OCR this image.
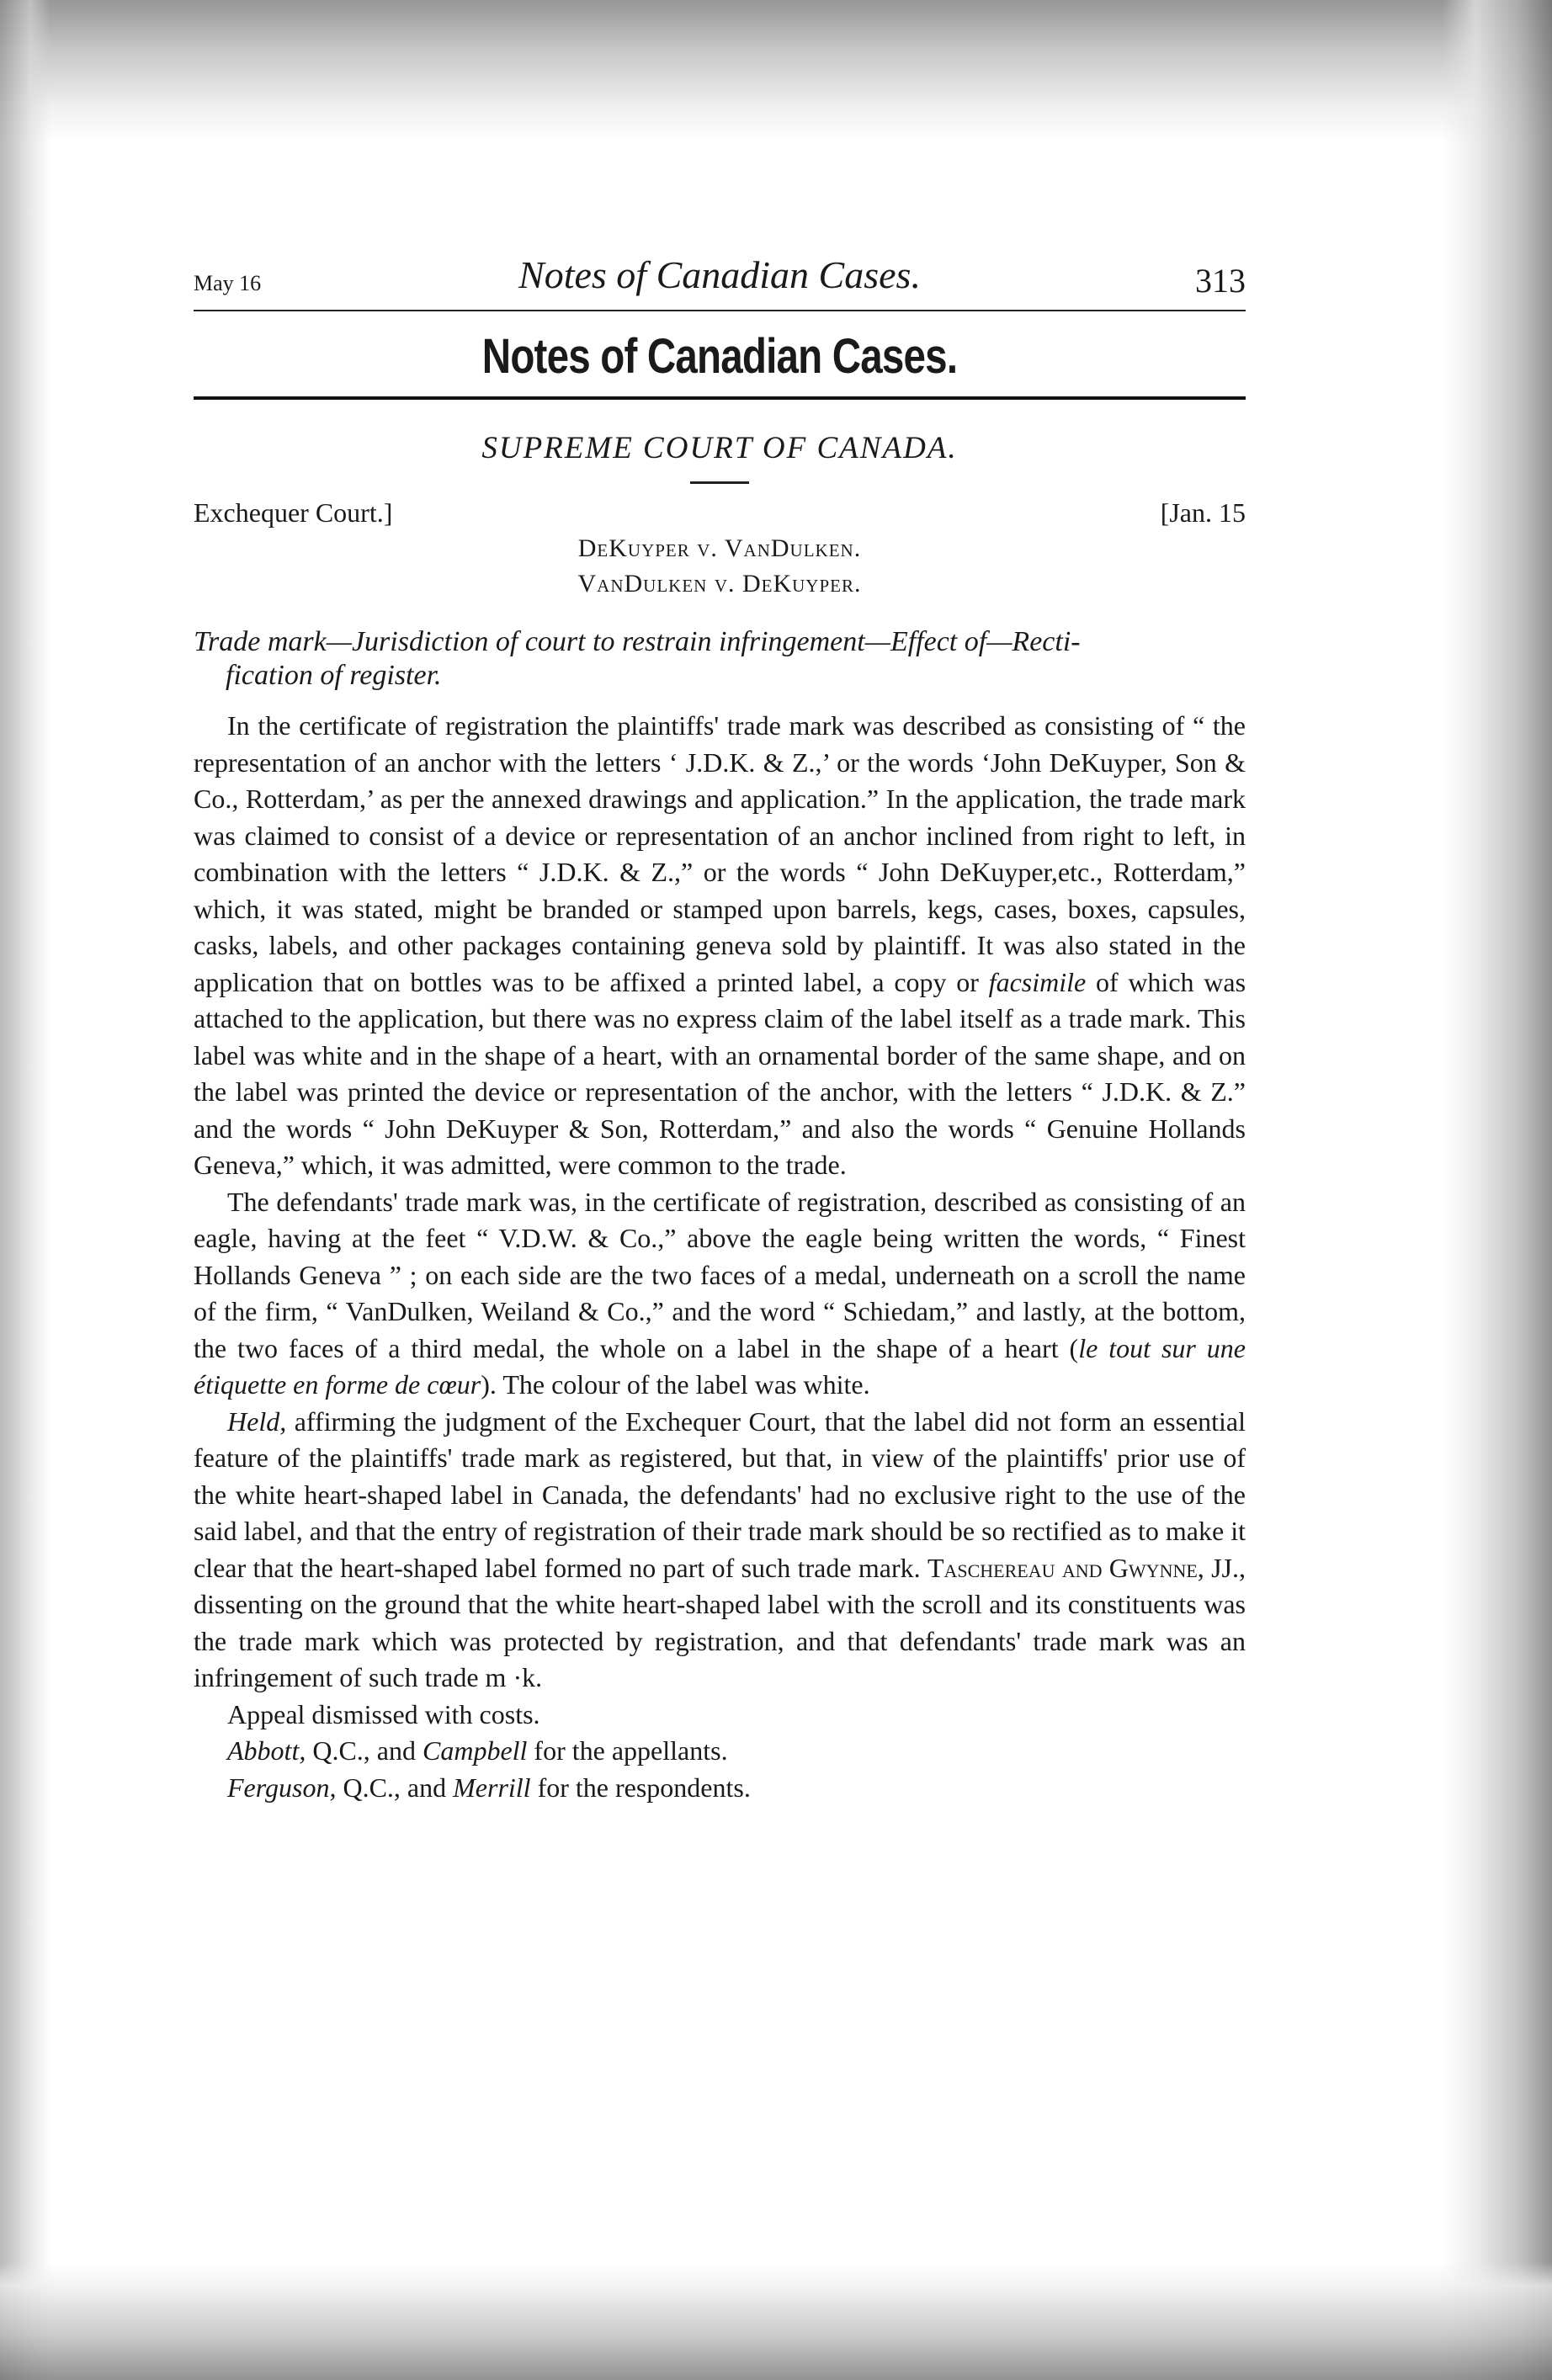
May 16	Notes of Canadian Cases.	313
Notes of Canadian Cases.
SUPREME COURT OF CANADA.
Exchequer Court.]	[Jan. 15
DeKuyper v. VanDulken.
VanDulken v. DeKuyper.
Trade mark—Jurisdiction of court to restrain infringement—Effect of—Recti-
fication of register.

In the certificate of registration the plaintiffs' trade mark was described as consisting of “ the representation of an anchor with the letters ‘ J.D.K. & Z.,’ or the words ‘John DeKuyper, Son & Co., Rotterdam,’ as per the annexed drawings and application.” In the application, the trade mark was claimed to consist of a device or representation of an anchor inclined from right to left, in combination with the letters “ J.D.K. & Z.,” or the words “ John DeKuyper,etc., Rotterdam,” which, it was stated, might be branded or stamped upon barrels, kegs, cases, boxes, capsules, casks, labels, and other packages containing geneva sold by plaintiff. It was also stated in the application that on bottles was to be affixed a printed label, a copy or facsimile of which was attached to the application, but there was no express claim of the label itself as a trade mark. This label was white and in the shape of a heart, with an ornamental border of the same shape, and on the label was printed the device or representation of the anchor, with the letters “ J.D.K. & Z.” and the words “ John DeKuyper & Son, Rotterdam,” and also the words “ Genuine Hollands Geneva,” which, it was admitted, were common to the trade.

The defendants' trade mark was, in the certificate of registration, described as consisting of an eagle, having at the feet “ V.D.W. & Co.,” above the eagle being written the words, “ Finest Hollands Geneva ” ; on each side are the two faces of a medal, underneath on a scroll the name of the firm, “ VanDulken, Weiland & Co.,” and the word “ Schiedam,” and lastly, at the bottom, the two faces of a third medal, the whole on a label in the shape of a heart (le tout sur une étiquette en forme de cœur). The colour of the label was white.

Held, affirming the judgment of the Exchequer Court, that the label did not form an essential feature of the plaintiffs' trade mark as registered, but that, in view of the plaintiffs' prior use of the white heart-shaped label in Canada, the defendants' had no exclusive right to the use of the said label, and that the entry of registration of their trade mark should be so rectified as to make it clear that the heart-shaped label formed no part of such trade mark. Taschereau and Gwynne, JJ., dissenting on the ground that the white heart-shaped label with the scroll and its constituents was the trade mark which was protected by registration, and that defendants' trade mark was an infringement of such trade m ·k.

Appeal dismissed with costs.
Abbott, Q.C., and Campbell for the appellants.
Ferguson, Q.C., and Merrill for the respondents.
